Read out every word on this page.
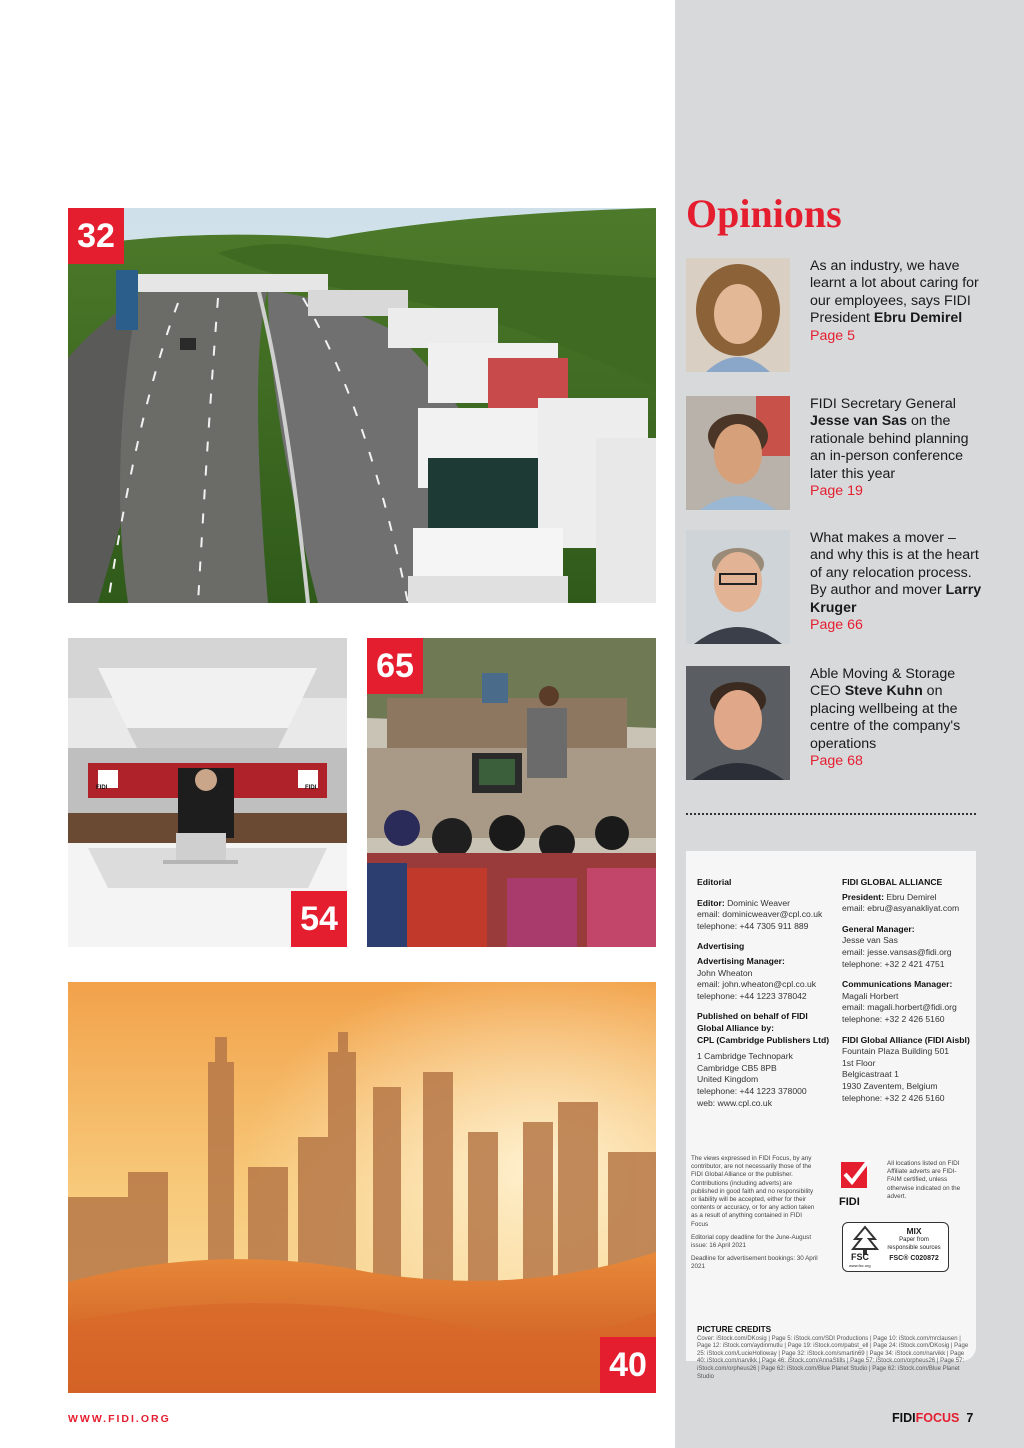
32
FIDI	FIDI
54
65
40
Opinions
As an industry, we have learnt a lot about caring for our employees, says FIDI President Ebru Demirel
Page 5
FIDI Secretary General Jesse van Sas on the rationale behind planning an in-person conference later this year
Page 19
What makes a mover – and why this is at the heart of any relocation process. By author and mover Larry Kruger
Page 66
Able Moving & Storage CEO Steve Kuhn on placing wellbeing at the centre of the company's operations
Page 68
Editorial
Editor: Dominic Weaver
email: dominicweaver@cpl.co.uk
telephone: +44 7305 911 889
Advertising
Advertising Manager:
John Wheaton
email: john.wheaton@cpl.co.uk
telephone: +44 1223 378042
Published on behalf of FIDI Global Alliance by:
CPL (Cambridge Publishers Ltd)
1 Cambridge Technopark
Cambridge CB5 8PB
United Kingdom
telephone: +44 1223 378000
web: www.cpl.co.uk
FIDI GLOBAL ALLIANCE
President: Ebru Demirel
email: ebru@asyanakliyat.com
General Manager:
Jesse van Sas
email: jesse.vansas@fidi.org
telephone: +32 2 421 4751
Communications Manager:
Magali Horbert
email: magali.horbert@fidi.org
telephone: +32 2 426 5160
FIDI Global Alliance (FIDI Aisbl)
Fountain Plaza Building 501
1st Floor
Belgicastraat 1
1930 Zaventem, Belgium
telephone: +32 2 426 5160
The views expressed in FIDI Focus, by any contributor, are not necessarily those of the FIDI Global Alliance or the publisher. Contributions (including adverts) are published in good faith and no responsibility or liability will be accepted, either for their contents or accuracy, or for any action taken as a result of anything contained in FIDI Focus
Editorial copy deadline for the June-August issue: 16 April 2021
Deadline for advertisement bookings: 30 April 2021
FIDI
All locations listed on FIDI Affiliate adverts are FIDI-FAIM certified, unless otherwise indicated on the advert.
FSC
www.fsc.org
MIX
Paper from
responsible sources
FSC® C020872
PICTURE CREDITS
Cover: iStock.com/DKosig | Page 5: iStock.com/SDI Productions | Page 10: iStock.com/mrclausen | Page 12: iStock.com/aydinmutlu | Page 19: iStock.com/pabst_ell | Page 24: iStock.com/DKosig | Page 25: iStock.com/LucieHolloway | Page 32: iStock.com/smartin69 | Page 34: iStock.com/narvikk | Page 40: iStock.com/narvikk | Page 46: iStock.com/AnnaStills | Page 57: iStock.com/orpheus26 | Page 57: iStock.com/orpheus26 | Page 62: iStock.com/Blue Planet Studio | Page 62: iStock.com/Blue Planet Studio
WWW.FIDI.ORG	FIDIFOCUS 7
